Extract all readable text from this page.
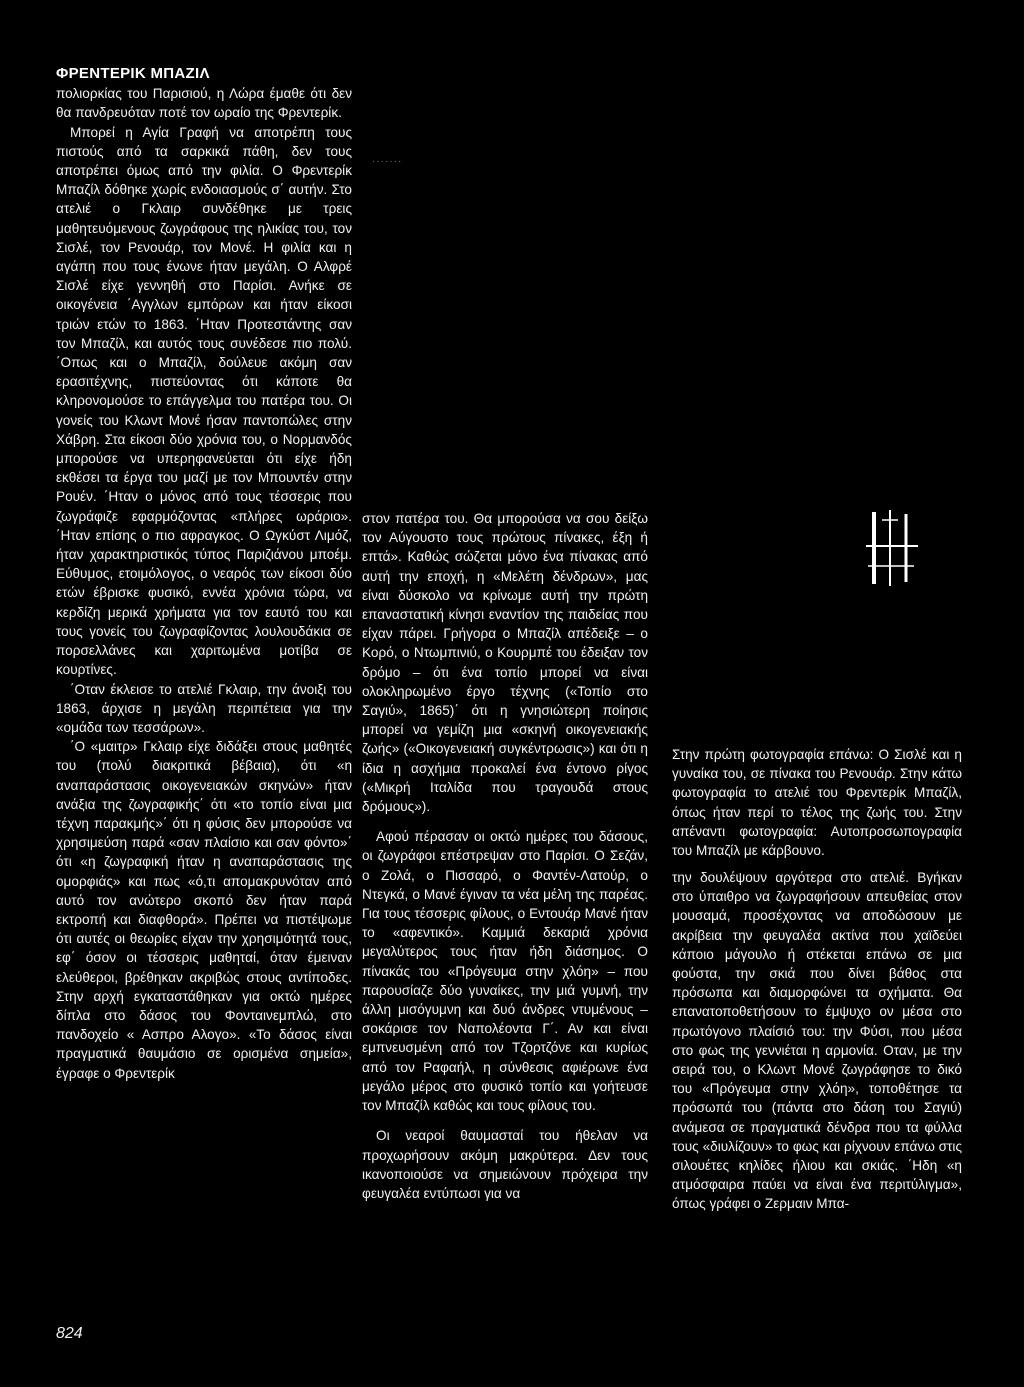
ΦΡΕΝΤΕΡΙΚ ΜΠΑΖΙΛ

πολιορκίας του Παρισιού, η Λώρα έμαθε ότι δεν θα πανδρευόταν ποτέ τον ωραίο της Φρεντερίκ.

Μπορεί η Αγία Γραφή να αποτρέπη τους πιστούς από τα σαρκικά πάθη, δεν τους αποτρέπει όμως από την φιλία. Ο Φρεντερίκ Μπαζίλ δόθηκε χωρίς ενδοιασμούς σ΄ αυτήν. Στο ατελιέ ο Γκλαιρ συνδέθηκε με τρεις μαθητευόμενους ζωγράφους της ηλικίας του, τον Σισλέ, τον Ρενουάρ, τον Μονέ. Η φιλία και η αγάπη που τους ένωνε ήταν μεγάλη. Ο Αλφρέ Σισλέ είχε γεννηθή στο Παρίσι. Ανήκε σε οικογένεια ΄Αγγλων εμπόρων και ήταν είκοσι τριών ετών το 1863. ΄Ηταν Προτεστάντης σαν τον Μπαζίλ, και αυτός τους συνέδεσε πιο πολύ. ΄Οπως και ο Μπαζίλ, δούλευε ακόμη σαν ερασιτέχνης, πιστεύοντας ότι κάποτε θα κληρονομούσε το επάγγελμα του πατέρα του. Οι γονείς του Κλωντ Μονέ ήσαν παντοπώλες στην Χάβρη. Στα είκοσι δύο χρόνια του, ο Νορμανδός μπορούσε να υπερηφανεύεται ότι είχε ήδη εκθέσει τα έργα του μαζί με τον Μπουντέν στην Ρουέν. ΄Ηταν ο μόνος από τους τέσσερις που ζωγράφιζε εφαρμόζοντας «πλήρες ωράριο». ΄Ηταν επίσης ο πιο αφραγκος. Ο Ωγκύστ Λιμόζ, ήταν χαρακτηριστικός τύπος Παριζιάνου μποέμ. Εύθυμος, ετοιμόλογος, ο νεαρός των είκοσι δύο ετών έβρισκε φυσικό, εννέα χρόνια τώρα, να κερδίζη μερικά χρήματα για τον εαυτό του και τους γονείς του ζωγραφίζοντας λουλουδάκια σε πορσελλάνες και χαριτωμένα μοτίβα σε κουρτίνες.

΄Οταν έκλεισε το ατελιέ Γκλαιρ, την άνοιξι του 1863, άρχισε η μεγάλη περιπέτεια για την «ομάδα των τεσσάρων».

΄Ο «μαιτρ» Γκλαιρ είχε διδάξει στους μαθητές του (πολύ διακριτικά βέβαια), ότι «η αναπαράστασις οικογενειακών σκηνών» ήταν ανάξια της ζωγραφικής΄ ότι «το τοπίο είναι μια τέχνη παρακμής»΄ ότι η φύσις δεν μπορούσε να χρησιμεύση παρά «σαν πλαίσιο και σαν φόντο»΄ ότι «η ζωγραφική ήταν η αναπαράστασις της ομορφιάς» και πως «ό,τι απομακρυνόταν από αυτό τον ανώτερο σκοπό δεν ήταν παρά εκτροπή και διαφθορά». Πρέπει να πιστέψωμε ότι αυτές οι θεωρίες είχαν την χρησιμότητά τους, εφ΄ όσον οι τέσσερις μαθηταί, όταν έμειναν ελεύθεροι, βρέθηκαν ακριβώς στους αντίποδες. Στην αρχή εγκαταστάθηκαν για οκτώ ημέρες δίπλα στο δάσος του Φονταινεμπλώ, στο πανδοχείο « Ασπρο Αλογο». «Το δάσος είναι πραγματικά θαυμάσιο σε ορισμένα σημεία», έγραφε ο Φρεντερίκ

·······

στον πατέρα του. Θα μπορούσα να σου δείξω τον Αύγουστο τους πρώτους πίνακες, έξη ή επτά». Καθώς σώζεται μόνο ένα πίνακας από αυτή την εποχή, η «Μελέτη δένδρων», μας είναι δύσκολο να κρίνωμε αυτή την πρώτη επαναστατική κίνησι εναντίον της παιδείας που είχαν πάρει. Γρήγορα ο Μπαζίλ απέδειξε – ο Κορό, ο Ντωμπινιύ, ο Κουρμπέ του έδειξαν τον δρόμο – ότι ένα τοπίο μπορεί να είναι ολοκληρωμένο έργο τέχνης («Τοπίο στο Σαγιύ», 1865)΄ ότι η γνησιώτερη ποίησις μπορεί να γεμίζη μια «σκηνή οικογενειακής ζωής» («Οικογενειακή συγκέντρωσις») και ότι η ίδια η ασχήμια προκαλεί ένα έντονο ρίγος («Μικρή Ιταλίδα που τραγουδά στους δρόμους»).

Αφού πέρασαν οι οκτώ ημέρες του δάσους, οι ζωγράφοι επέστρεψαν στο Παρίσι. Ο Σεζάν, ο Ζολά, ο Πισσαρό, ο Φαντέν-Λατούρ, ο Ντεγκά, ο Μανέ έγιναν τα νέα μέλη της παρέας. Για τους τέσσερις φίλους, ο Εντουάρ Μανέ ήταν το «αφεντικό». Καμμιά δεκαριά χρόνια μεγαλύτερος τους ήταν ήδη διάσημος. Ο πίνακάς του «Πρόγευμα στην χλόη» – που παρουσίαζε δύο γυναίκες, την μιά γυμνή, την άλλη μισόγυμνη και δυό άνδρες ντυμένους – σοκάρισε τον Ναπολέοντα Γ΄. Αν και είναι εμπνευσμένη από τον Τζορτζόνε και κυρίως από τον Ραφαήλ, η σύνθεσις αφιέρωνε ένα μεγάλο μέρος στο φυσικό τοπίο και γοήτευσε τον Μπαζίλ καθώς και τους φίλους του.

Οι νεαροί θαυμασταί του ήθελαν να προχωρήσουν ακόμη μακρύτερα. Δεν τους ικανοποιούσε να σημειώνουν πρόχειρα την φευγαλέα εντύπωσι για να

Στην πρώτη φωτογραφία επάνω: Ο Σισλέ και η γυναίκα του, σε πίνακα του Ρενουάρ. Στην κάτω φωτογραφία το ατελιέ του Φρεντερίκ Μπαζίλ, όπως ήταν περί το τέλος της ζωής του. Στην απέναντι φωτογραφία: Αυτοπροσωπογραφία του Μπαζίλ με κάρβουνο.

την δουλέψουν αργότερα στο ατελιέ. Βγήκαν στο ύπαιθρο να ζωγραφήσουν απευθείας στον μουσαμά, προσέχοντας να αποδώσουν με ακρίβεια την φευγαλέα ακτίνα που χαϊδεύει κάποιο μάγουλο ή στέκεται επάνω σε μια φούστα, την σκιά που δίνει βάθος στα πρόσωπα και διαμορφώνει τα σχήματα. Θα επανατοποθετήσουν το έμψυχο ον μέσα στο πρωτόγονο πλαίσιό του: την Φύσι, που μέσα στο φως της γεννιέται η αρμονία. Οταν, με την σειρά του, ο Κλωντ Μονέ ζωγράφησε το δικό του «Πρόγευμα στην χλόη», τοποθέτησε τα πρόσωπά του (πάντα στο δάση του Σαγιύ) ανάμεσα σε πραγματικά δένδρα που τα φύλλα τους «διυλίζουν» το φως και ρίχνουν επάνω στις σιλουέτες κηλίδες ήλιου και σκιάς. ΄Ηδη «η ατμόσφαιρα παύει να είναι ένα περιτύλιγμα», όπως γράφει ο Ζερμαιν Μπα-

824
